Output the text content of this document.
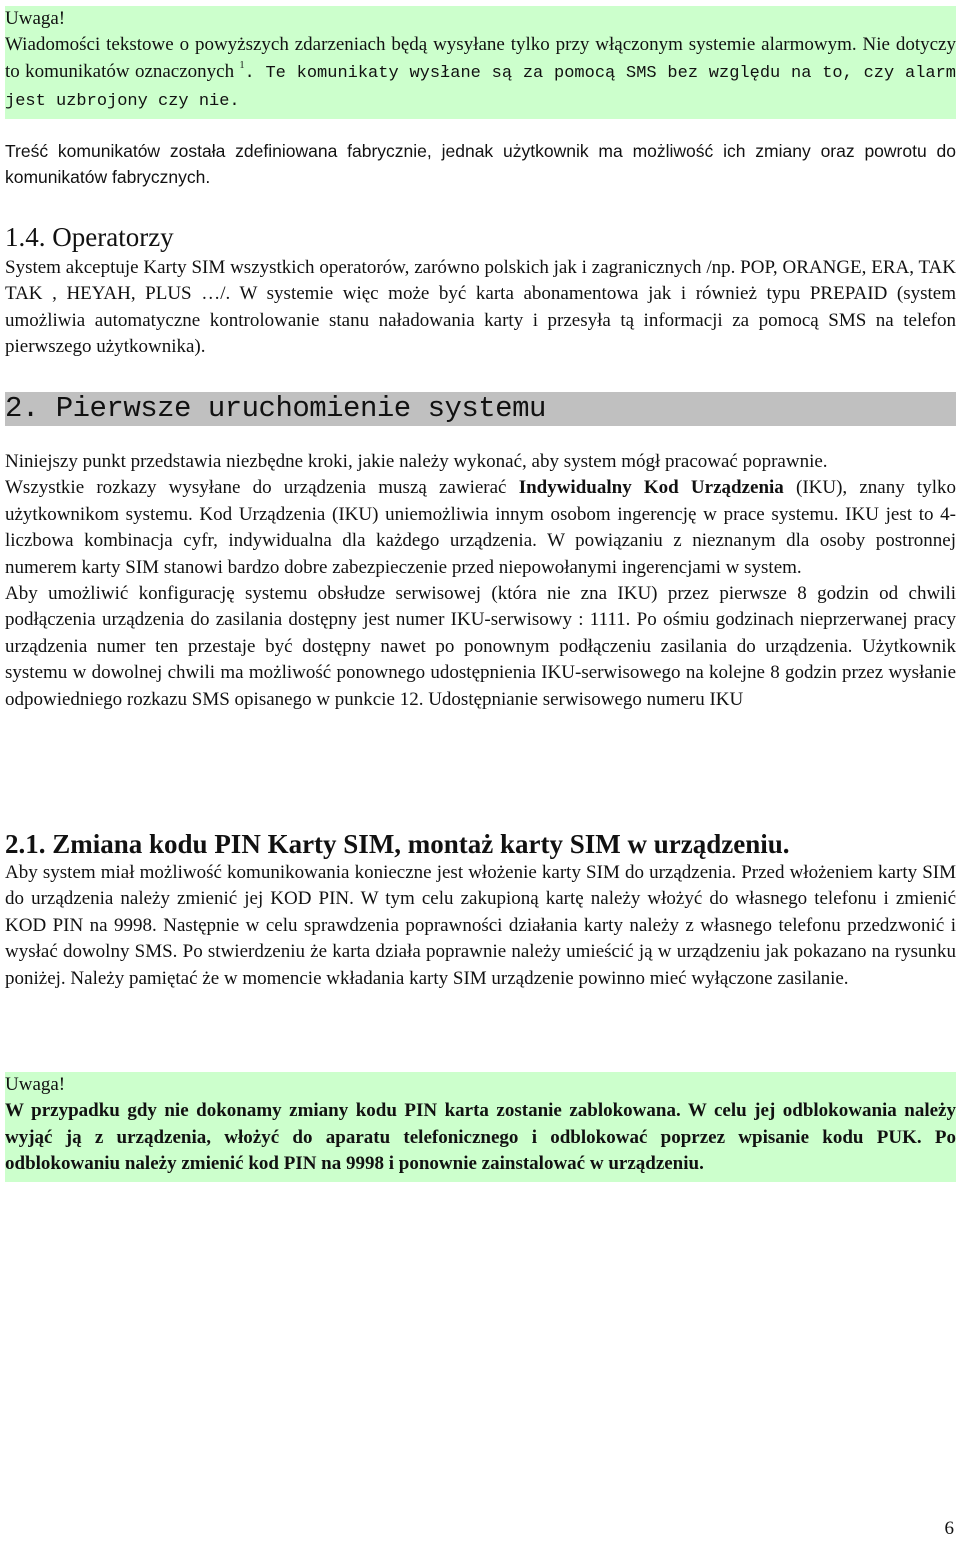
Uwaga!

Wiadomości tekstowe o powyższych zdarzeniach będą wysyłane tylko przy włączonym systemie alarmowym. Nie dotyczy to komunikatów oznaczonych $^1$. Te komunikaty wysłane są za pomocą SMS bez względu na to, czy alarm jest uzbrojony czy nie.

Treść komunikatów została zdefiniowana fabrycznie, jednak użytkownik ma możliwość ich zmiany oraz powrotu do komunikatów fabrycznych.

1.4. Operatorzy

System akceptuje Karty SIM wszystkich operatorów, zarówno polskich jak i zagranicznych /np. POP, ORANGE, ERA, TAK TAK , HEYAH, PLUS …/. W systemie więc może być karta abonamentowa jak i również typu PREPAID (system umożliwia automatyczne kontrolowanie stanu naładowania karty i przesyła tą informacji za pomocą SMS na telefon pierwszego użytkownika).

2. Pierwsze uruchomienie systemu

Niniejszy punkt przedstawia niezbędne kroki, jakie należy wykonać, aby system mógł pracować poprawnie.

Wszystkie rozkazy wysyłane do urządzenia muszą zawierać Indywidualny Kod Urządzenia (IKU), znany tylko użytkownikom systemu. Kod Urządzenia (IKU) uniemożliwia innym osobom ingerencję w prace systemu. IKU jest to 4-liczbowa kombinacja cyfr, indywidualna dla każdego urządzenia. W powiązaniu z nieznanym dla osoby postronnej numerem karty SIM stanowi bardzo dobre zabezpieczenie przed niepowołanymi ingerencjami w system.

Aby umożliwić konfigurację systemu obsłudze serwisowej (która nie zna IKU) przez pierwsze 8 godzin od chwili podłączenia urządzenia do zasilania dostępny jest numer IKU-serwisowy : 1111. Po ośmiu godzinach nieprzerwanej pracy urządzenia numer ten przestaje być dostępny nawet po ponownym podłączeniu zasilania do urządzenia. Użytkownik systemu w dowolnej chwili ma możliwość ponownego udostępnienia IKU-serwisowego na kolejne 8 godzin przez wysłanie odpowiedniego rozkazu SMS opisanego w punkcie 12. Udostępnianie serwisowego numeru IKU

2.1. Zmiana kodu PIN Karty SIM, montaż karty SIM w urządzeniu.

Aby system miał możliwość komunikowania konieczne jest włożenie karty SIM do urządzenia. Przed włożeniem karty SIM do urządzenia należy zmienić jej KOD PIN. W tym celu zakupioną kartę należy włożyć do własnego telefonu i zmienić KOD PIN na 9998. Następnie w celu sprawdzenia poprawności działania karty należy z własnego telefonu przedzwonić i wysłać dowolny SMS. Po stwierdzeniu że karta działa poprawnie należy umieścić ją w urządzeniu jak pokazano na rysunku poniżej. Należy pamiętać że w momencie wkładania karty SIM urządzenie powinno mieć wyłączone zasilanie.

Uwaga!

W przypadku gdy nie dokonamy zmiany kodu PIN karta zostanie zablokowana. W celu jej odblokowania należy wyjąć ją z urządzenia, włożyć do aparatu telefonicznego i odblokować poprzez wpisanie kodu PUK. Po odblokowaniu należy zmienić kod PIN na 9998 i ponownie zainstalować w urządzeniu.

6
